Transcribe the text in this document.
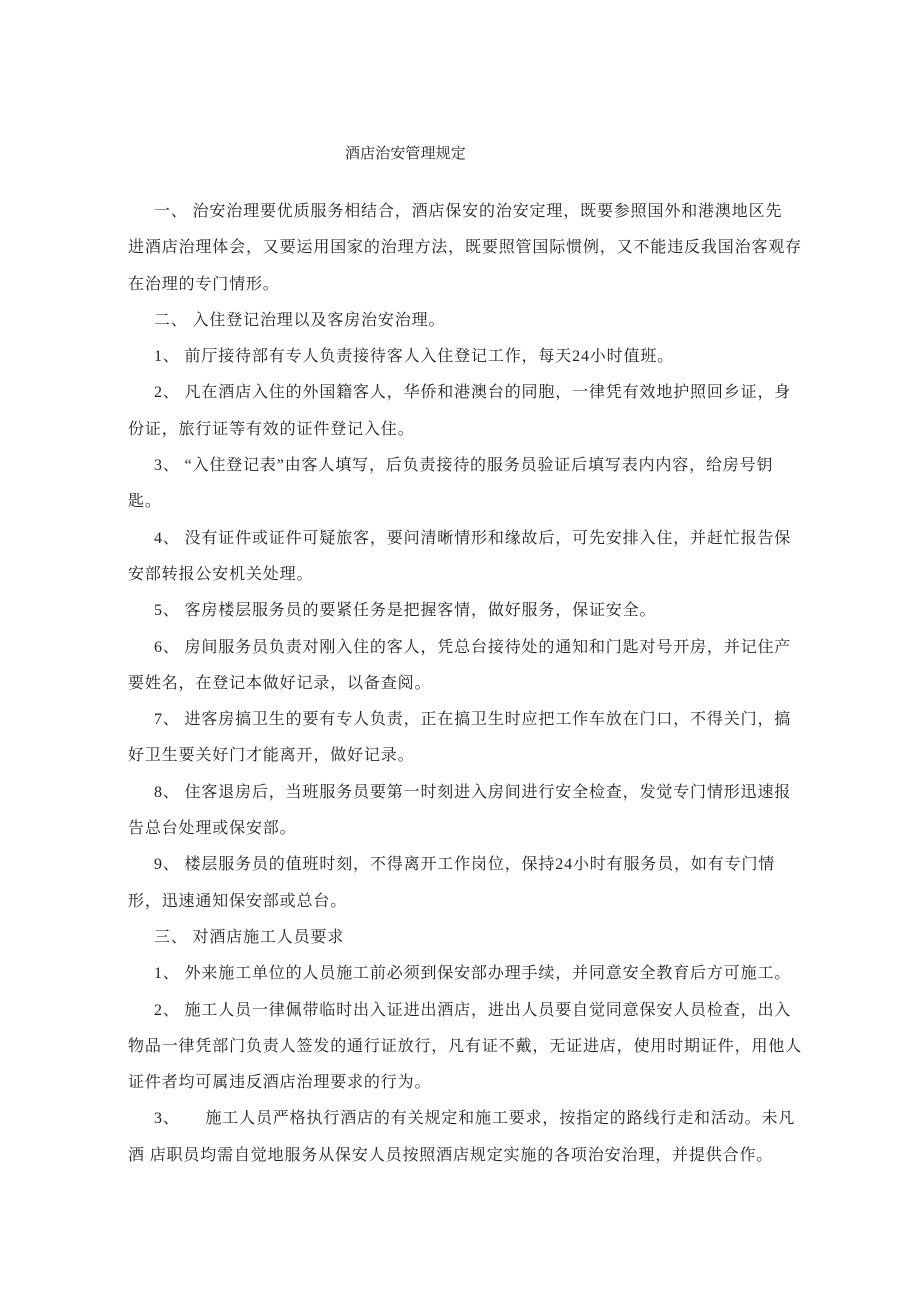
酒店治安管理规定
一、 治安治理要优质服务相结合，酒店保安的治安定理，既要参照国外和港澳地区先
进酒店治理体会，又要运用国家的治理方法，既要照管国际惯例，又不能违反我国治客观存
在治理的专门情形。
二、 入住登记治理以及客房治安治理。
1、 前厅接待部有专人负责接待客人入住登记工作，每天24小时值班。
2、 凡在酒店入住的外国籍客人，华侨和港澳台的同胞，一律凭有效地护照回乡证，身
份证，旅行证等有效的证件登记入住。
3、 “入住登记表”由客人填写，后负责接待的服务员验证后填写表内内容，给房号钥
匙。
4、 没有证件或证件可疑旅客，要问清晰情形和缘故后，可先安排入住，并赶忙报告保
安部转报公安机关处理。
5、 客房楼层服务员的要紧任务是把握客情，做好服务，保证安全。
6、 房间服务员负责对刚入住的客人，凭总台接待处的通知和门匙对号开房，并记住产
要姓名，在登记本做好记录，以备查阅。
7、 进客房搞卫生的要有专人负责，正在搞卫生时应把工作车放在门口，不得关门，搞
好卫生要关好门才能离开，做好记录。
8、 住客退房后，当班服务员要第一时刻进入房间进行安全检查，发觉专门情形迅速报
告总台处理或保安部。
9、 楼层服务员的值班时刻，不得离开工作岗位，保持24小时有服务员，如有专门情
形，迅速通知保安部或总台。
三、 对酒店施工人员要求
1、 外来施工单位的人员施工前必须到保安部办理手续，并同意安全教育后方可施工。
2、 施工人员一律佩带临时出入证进出酒店，进出人员要自觉同意保安人员检查，出入
物品一律凭部门负责人签发的通行证放行，凡有证不戴，无证进店，使用时期证件，用他人
证件者均可属违反酒店治理要求的行为。
3、　　施工人员严格执行酒店的有关规定和施工要求，按指定的路线行走和活动。未凡
酒 店职员均需自觉地服务从保安人员按照酒店规定实施的各项治安治理，并提供合作。
